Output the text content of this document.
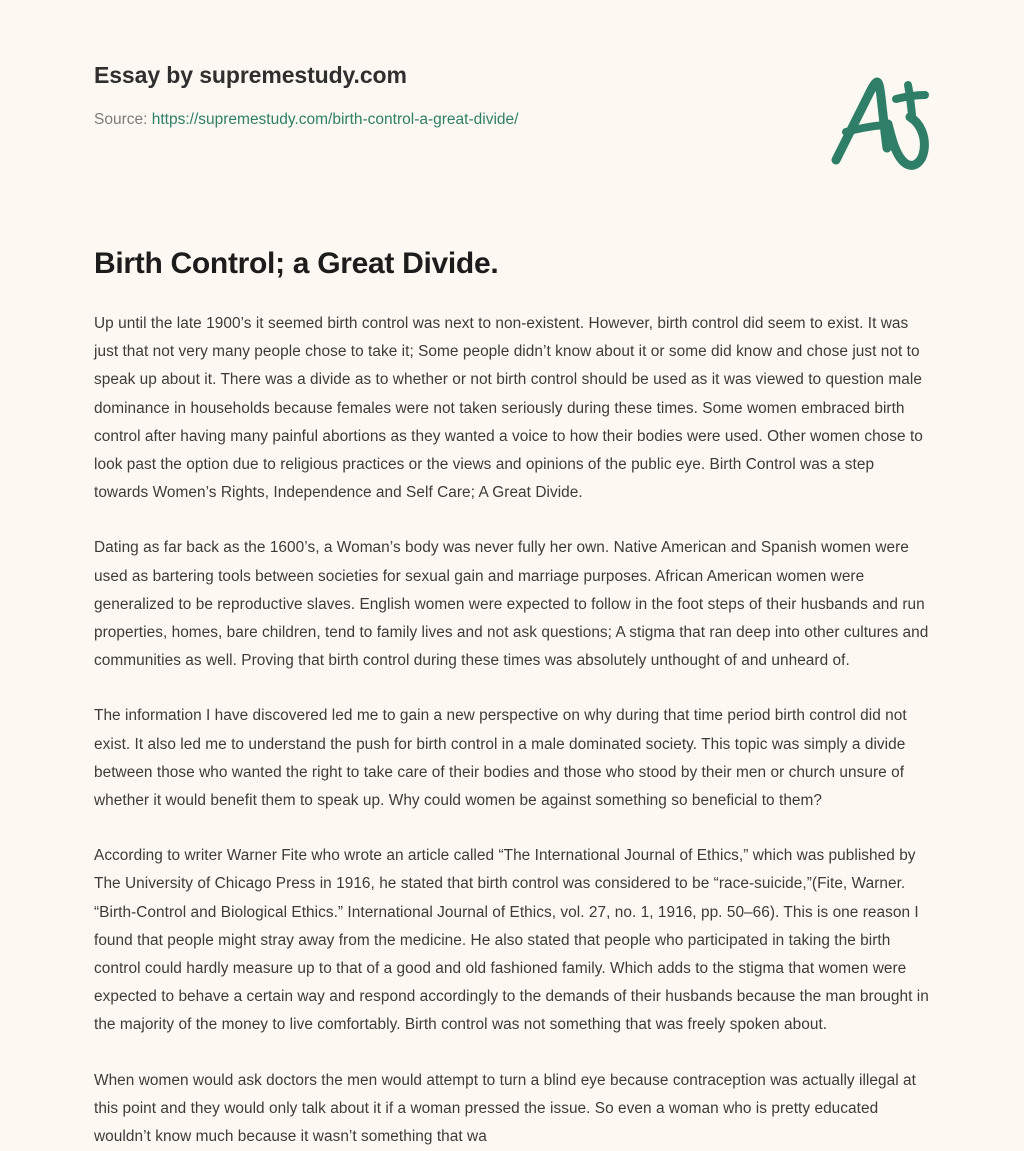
Essay by supremestudy.com
Source: https://supremestudy.com/birth-control-a-great-divide/
Birth Control; a Great Divide.

Up until the late 1900’s it seemed birth control was next to non-existent. However, birth control did seem to exist. It was just that not very many people chose to take it; Some people didn’t know about it or some did know and chose just not to speak up about it. There was a divide as to whether or not birth control should be used as it was viewed to question male dominance in households because females were not taken seriously during these times. Some women embraced birth control after having many painful abortions as they wanted a voice to how their bodies were used. Other women chose to look past the option due to religious practices or the views and opinions of the public eye. Birth Control was a step towards Women’s Rights, Independence and Self Care; A Great Divide.

Dating as far back as the 1600’s, a Woman’s body was never fully her own. Native American and Spanish women were used as bartering tools between societies for sexual gain and marriage purposes. African American women were generalized to be reproductive slaves. English women were expected to follow in the foot steps of their husbands and run properties, homes, bare children, tend to family lives and not ask questions; A stigma that ran deep into other cultures and communities as well. Proving that birth control during these times was absolutely unthought of and unheard of.

The information I have discovered led me to gain a new perspective on why during that time period birth control did not exist. It also led me to understand the push for birth control in a male dominated society. This topic was simply a divide between those who wanted the right to take care of their bodies and those who stood by their men or church unsure of whether it would benefit them to speak up. Why could women be against something so beneficial to them?

According to writer Warner Fite who wrote an article called “The International Journal of Ethics,” which was published by The University of Chicago Press in 1916, he stated that birth control was considered to be “race-suicide,”(Fite, Warner. “Birth-Control and Biological Ethics.” International Journal of Ethics, vol. 27, no. 1, 1916, pp. 50–66). This is one reason I found that people might stray away from the medicine. He also stated that people who participated in taking the birth control could hardly measure up to that of a good and old fashioned family. Which adds to the stigma that women were expected to behave a certain way and respond accordingly to the demands of their husbands because the man brought in the majority of the money to live comfortably. Birth control was not something that was freely spoken about.

When women would ask doctors the men would attempt to turn a blind eye because contraception was actually illegal at this point and they would only talk about it if a woman pressed the issue. So even a woman who is pretty educated wouldn’t know much because it wasn’t something that wa
